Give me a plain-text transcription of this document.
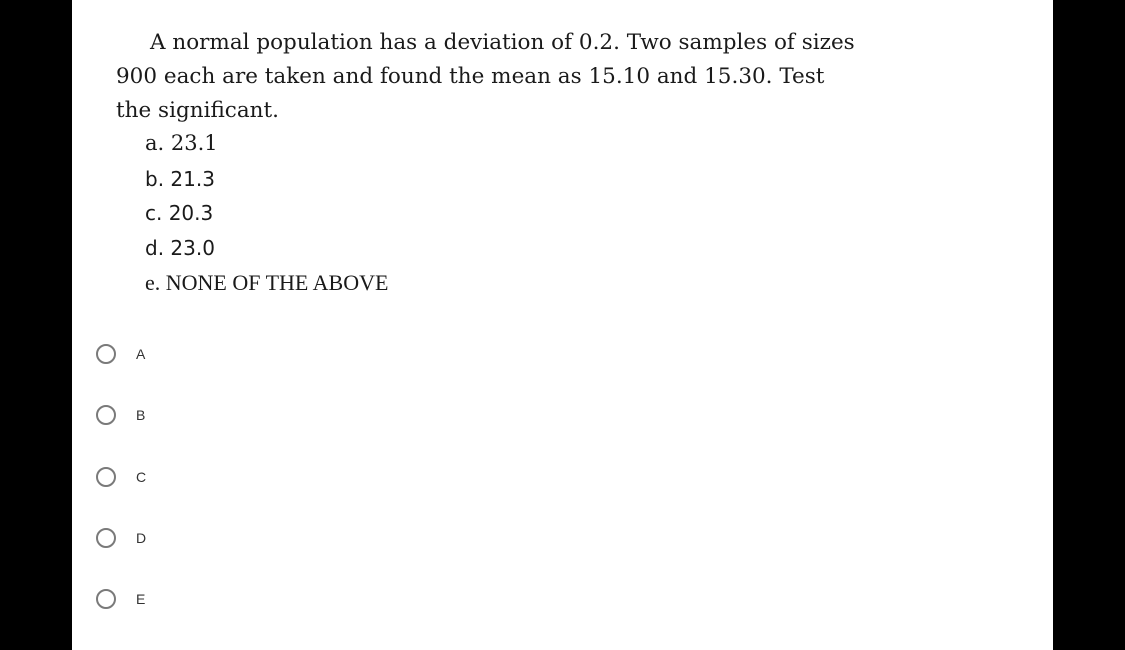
A normal population has a deviation of 0.2. Two samples of sizes
900 each are taken and found the mean as 15.10 and 15.30. Test
the significant.
a. 23.1
b. 21.3
c. 20.3
d. 23.0
e. NONE OF THE ABOVE
A
B
C
D
E
